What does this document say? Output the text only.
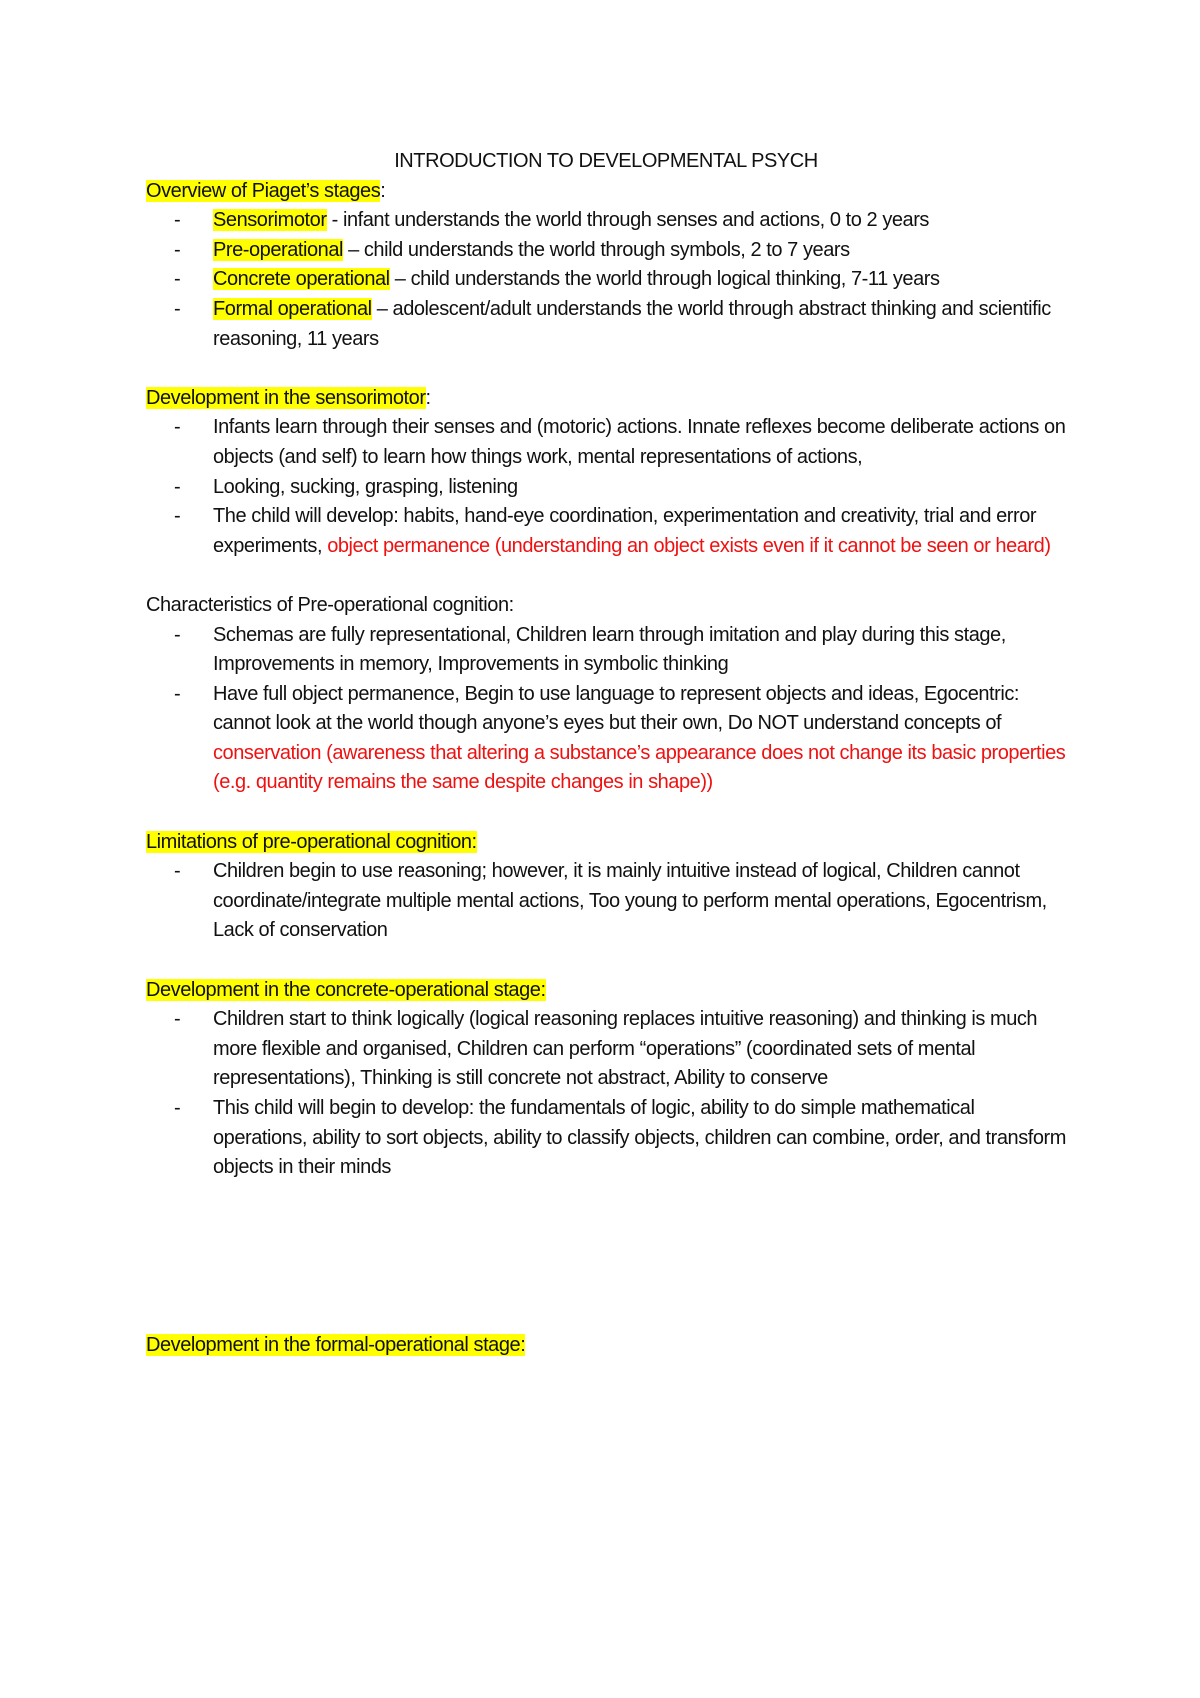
INTRODUCTION TO DEVELOPMENTAL PSYCH

Overview of Piaget’s stages:

- Sensorimotor - infant understands the world through senses and actions, 0 to 2 years
- Pre-operational – child understands the world through symbols, 2 to 7 years
- Concrete operational – child understands the world through logical thinking, 7-11 years
- Formal operational – adolescent/adult understands the world through abstract thinking and scientific reasoning, 11 years

Development in the sensorimotor:

- Infants learn through their senses and (motoric) actions. Innate reflexes become deliberate actions on objects (and self) to learn how things work, mental representations of actions,
- Looking, sucking, grasping, listening
- The child will develop: habits, hand-eye coordination, experimentation and creativity, trial and error experiments, object permanence (understanding an object exists even if it cannot be seen or heard)

Characteristics of Pre-operational cognition:

- Schemas are fully representational, Children learn through imitation and play during this stage, Improvements in memory, Improvements in symbolic thinking
- Have full object permanence, Begin to use language to represent objects and ideas, Egocentric: cannot look at the world though anyone’s eyes but their own, Do NOT understand concepts of conservation (awareness that altering a substance’s appearance does not change its basic properties (e.g. quantity remains the same despite changes in shape))

Limitations of pre-operational cognition:

- Children begin to use reasoning; however, it is mainly intuitive instead of logical, Children cannot coordinate/integrate multiple mental actions, Too young to perform mental operations, Egocentrism, Lack of conservation

Development in the concrete-operational stage:

- Children start to think logically (logical reasoning replaces intuitive reasoning) and thinking is much more flexible and organised, Children can perform “operations” (coordinated sets of mental representations), Thinking is still concrete not abstract, Ability to conserve
- This child will begin to develop: the fundamentals of logic, ability to do simple mathematical operations, ability to sort objects, ability to classify objects, children can combine, order, and transform objects in their minds

Development in the formal-operational stage:
